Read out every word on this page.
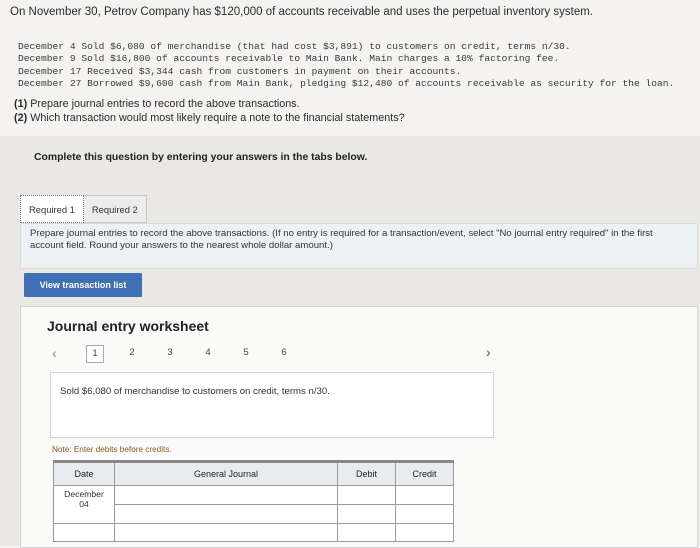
On November 30, Petrov Company has $120,000 of accounts receivable and uses the perpetual inventory system.
December 4 Sold $6,080 of merchandise (that had cost $3,891) to customers on credit, terms n/30.
December 9 Sold $16,800 of accounts receivable to Main Bank. Main charges a 10% factoring fee.
December 17 Received $3,344 cash from customers in payment on their accounts.
December 27 Borrowed $9,600 cash from Main Bank, pledging $12,480 of accounts receivable as security for the loan.
(1) Prepare journal entries to record the above transactions.
(2) Which transaction would most likely require a note to the financial statements?
Complete this question by entering your answers in the tabs below.
Required 1	Required 2
Prepare journal entries to record the above transactions. (If no entry is required for a transaction/event, select "No journal entry required" in the first account field. Round your answers to the nearest whole dollar amount.)
View transaction list
Journal entry worksheet
‹	1	2	3	4	5	6	›
Sold $6,080 of merchandise to customers on credit, terms n/30.
Note: Enter debits before credits.
Date	General Journal	Debit	Credit
December
04			
